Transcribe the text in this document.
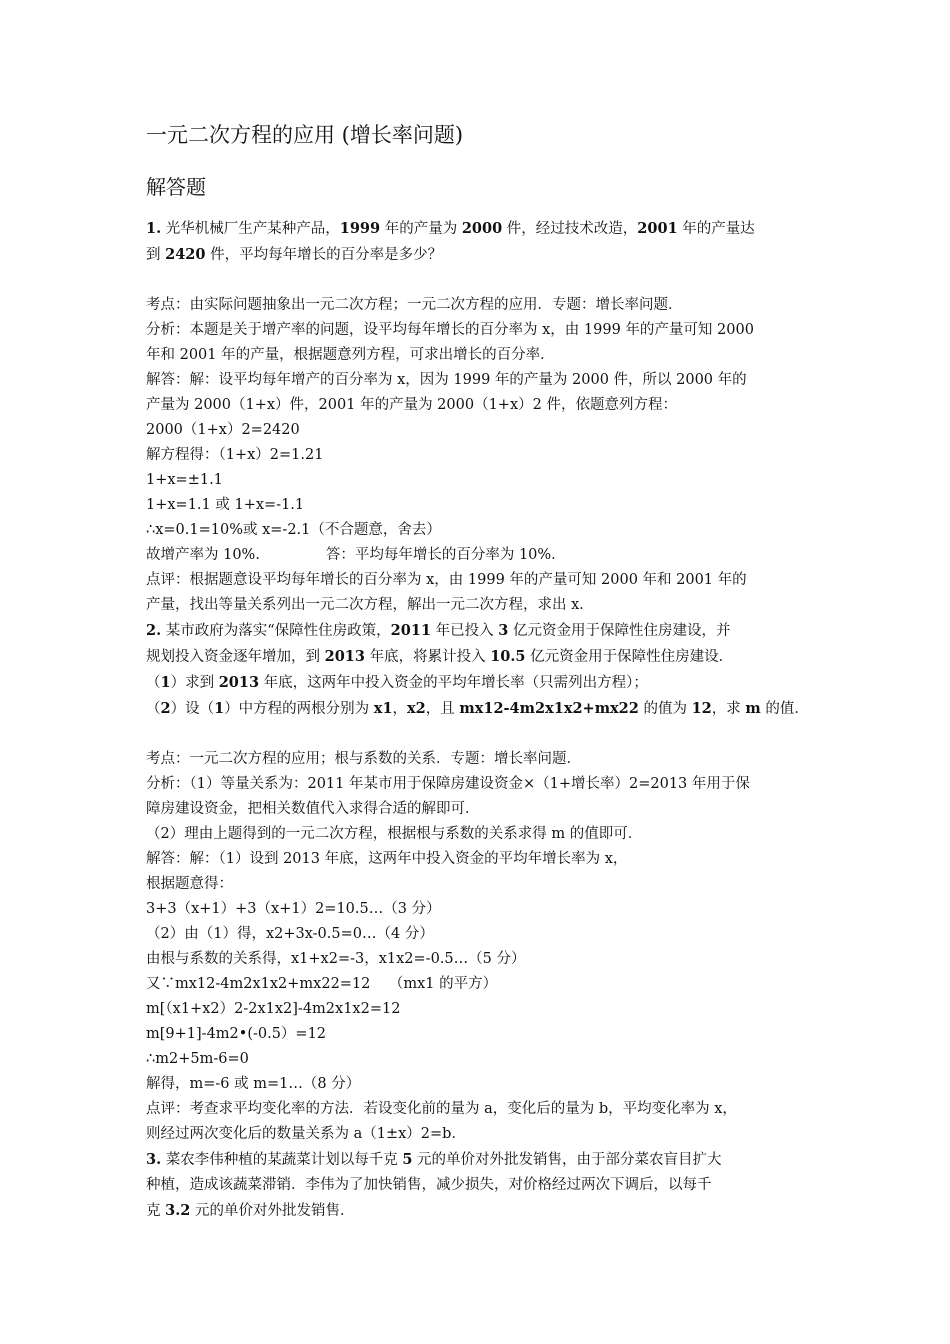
一元二次方程的应用 (增长率问题)
解答题

1. 光华机械厂生产某种产品，1999 年的产量为 2000 件，经过技术改造，2001 年的产量达

到 2420 件，平均每年增长的百分率是多少？

考点：由实际问题抽象出一元二次方程；一元二次方程的应用．专题：增长率问题．

分析：本题是关于增产率的问题，设平均每年增长的百分率为 x，由 1999 年的产量可知 2000

年和 2001 年的产量，根据题意列方程，可求出增长的百分率．

解答：解：设平均每年增产的百分率为 x，因为 1999 年的产量为 2000 件，所以 2000 年的

产量为 2000（1+x）件，2001 年的产量为 2000（1+x）2 件，依题意列方程：

2000（1+x）2=2420

解方程得：（1+x）2=1.21

1+x=±1.1

1+x=1.1 或 1+x=-1.1

∴x=0.1=10%或 x=-2.1（不合题意，舍去）

故增产率为 10%．	答：平均每年增长的百分率为 10%．

点评：根据题意设平均每年增长的百分率为 x，由 1999 年的产量可知 2000 年和 2001 年的

产量，找出等量关系列出一元二次方程，解出一元二次方程，求出 x．

2. 某市政府为落实“保障性住房政策，2011 年已投入 3 亿元资金用于保障性住房建设，并

规划投入资金逐年增加，到 2013 年底，将累计投入 10.5 亿元资金用于保障性住房建设．

（1）求到 2013 年底，这两年中投入资金的平均年增长率（只需列出方程）；

（2）设（1）中方程的两根分别为 x1，x2，且 mx12-4m2x1x2+mx22 的值为 12，求 m 的值．

考点：一元二次方程的应用；根与系数的关系．专题：增长率问题．

分析：（1）等量关系为：2011 年某市用于保障房建设资金×（1+增长率）2=2013 年用于保

障房建设资金，把相关数值代入求得合适的解即可．

（2）理由上题得到的一元二次方程，根据根与系数的关系求得 m 的值即可．

解答：解：（1）设到 2013 年底，这两年中投入资金的平均年增长率为 x，

根据题意得：

3+3（x+1）+3（x+1）2=10.5…（3 分）

（2）由（1）得，x2+3x-0.5=0…（4 分）

由根与系数的关系得，x1+x2=-3，x1x2=-0.5…（5 分）

又∵mx12-4m2x1x2+mx22=12    （mx1 的平方）

m[（x1+x2）2-2x1x2]-4m2x1x2=12

m[9+1]-4m2•(-0.5）=12

∴m2+5m-6=0

解得，m=-6 或 m=1…（8 分）

点评：考查求平均变化率的方法．若设变化前的量为 a，变化后的量为 b，平均变化率为 x，

则经过两次变化后的数量关系为 a（1±x）2=b．

3. 菜农李伟种植的某蔬菜计划以每千克 5 元的单价对外批发销售，由于部分菜农盲目扩大

种植，造成该蔬菜滞销．李伟为了加快销售，减少损失，对价格经过两次下调后，以每千

克 3.2 元的单价对外批发销售．
